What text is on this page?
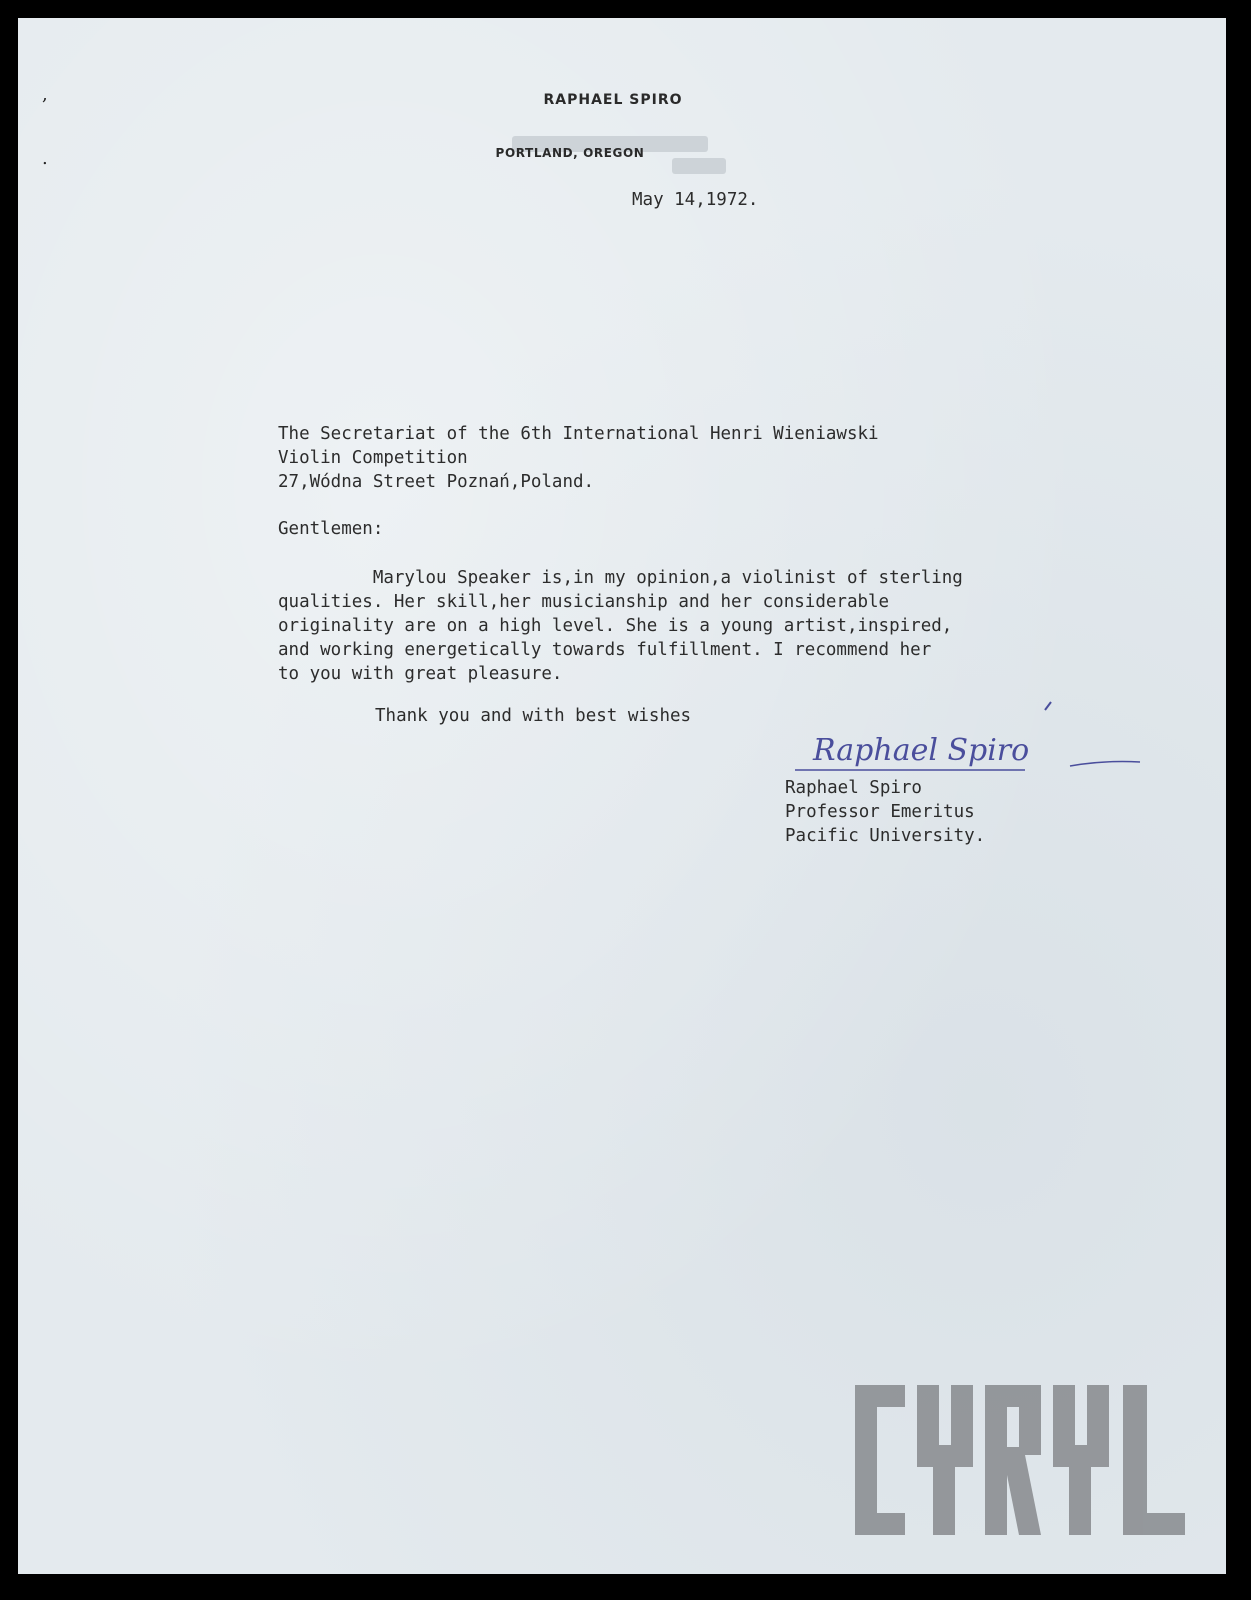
,
.
RAPHAEL SPIRO
PORTLAND, OREGON
May 14,1972.
The Secretariat of the 6th International Henri Wieniawski
Violin Competition
27,Wódna Street Poznań,Poland.
Gentlemen:
Marylou Speaker is,in my opinion,a violinist of sterling
qualities. Her skill,her musicianship and her considerable
originality are on a high level. She is a young artist,inspired,
and working energetically towards fulfillment. I recommend her
to you with great pleasure.
Thank you and with best wishes
Raphael Spiro
Raphael Spiro
Professor Emeritus
Pacific University.
